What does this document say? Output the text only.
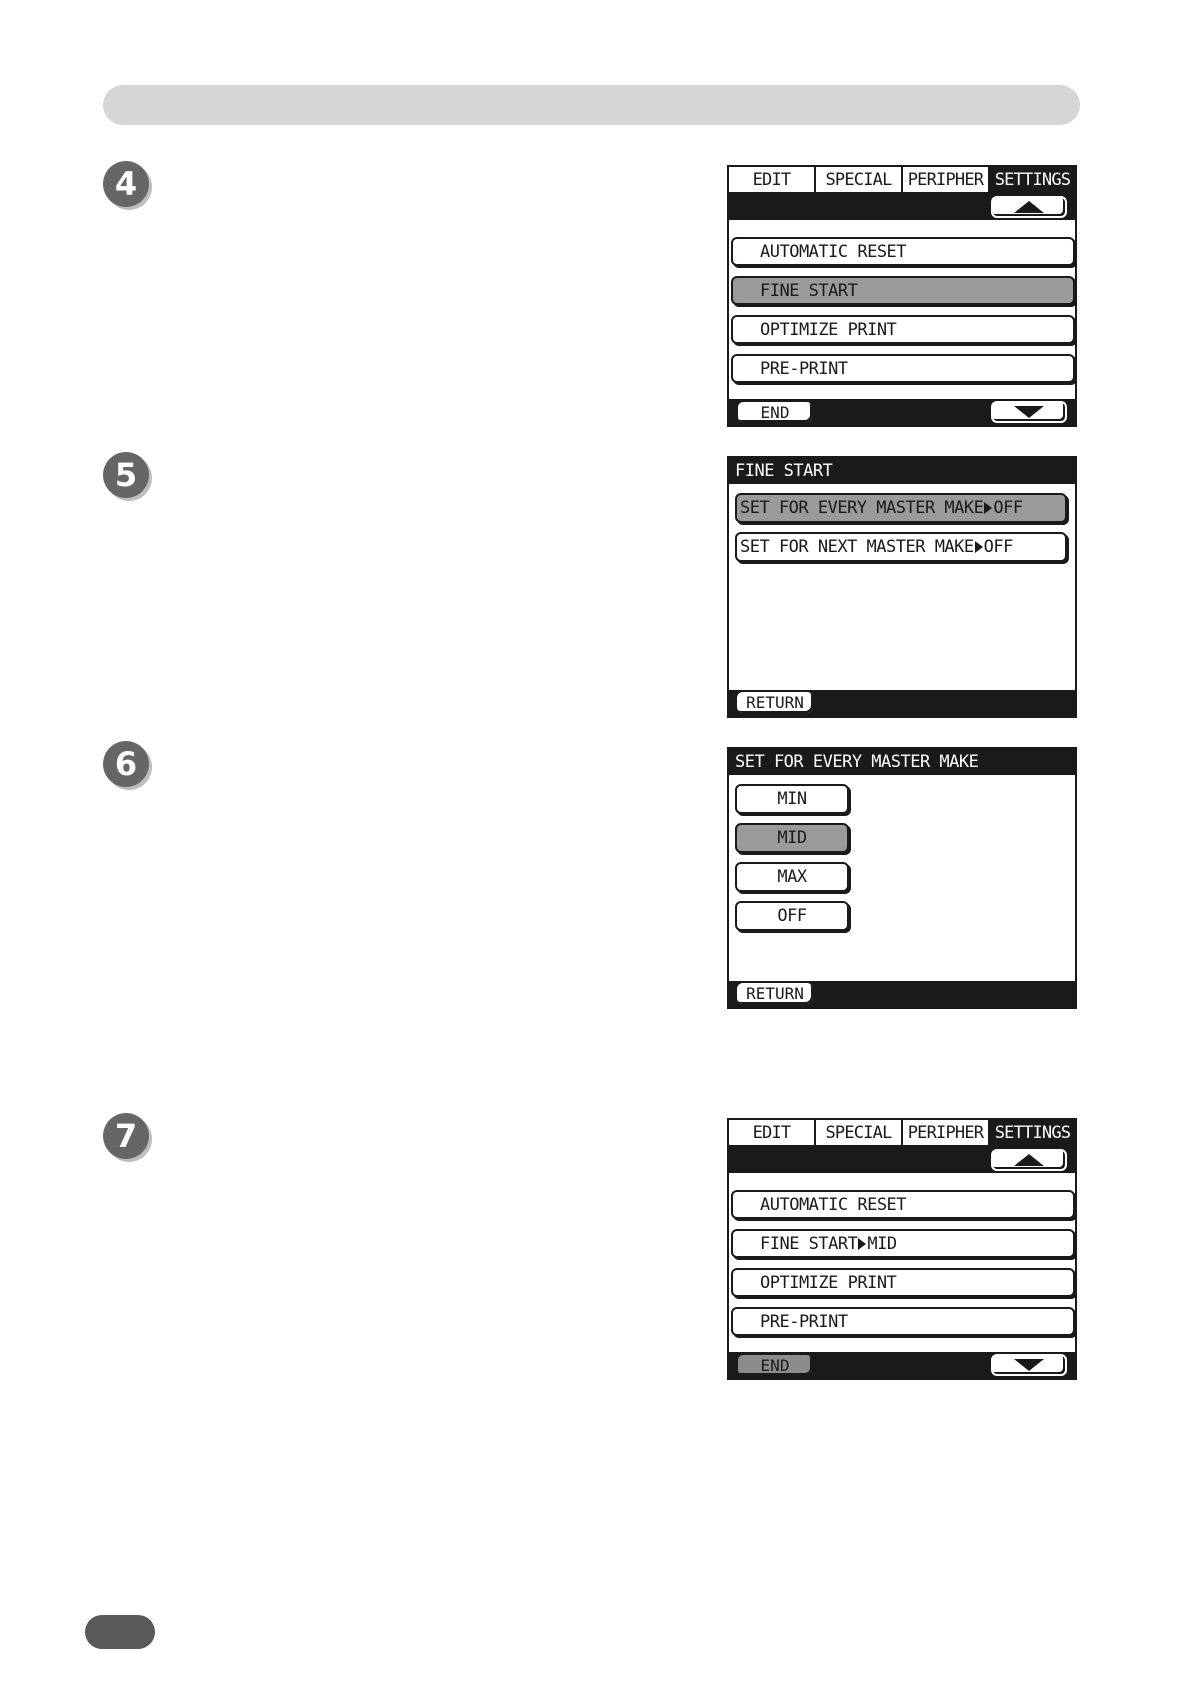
4
5
6
7
EDIT	SPECIAL PERIPHER SETTINGS
AUTOMATIC RESET
FINE START
OPTIMIZE PRINT
PRE-PRINT
END
FINE START
SET FOR EVERY MASTER MAKE OFF
SET FOR NEXT MASTER MAKE OFF
RETURN
SET FOR EVERY MASTER MAKE
MIN
MID
MAX
OFF
RETURN
EDIT	SPECIAL PERIPHER SETTINGS
AUTOMATIC RESET
FINE START MID
OPTIMIZE PRINT
PRE-PRINT
END
